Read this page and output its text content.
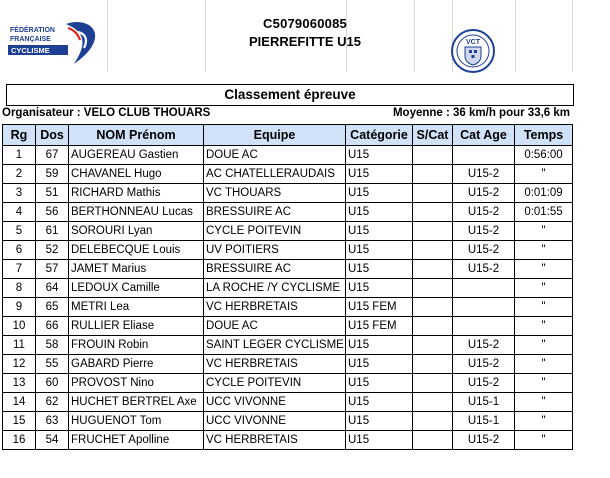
FÉDÉRATION
FRANÇAISE
CYCLISME
C5079060085
PIERREFITTE U15	VCT
Classement épreuve
Organisateur : VELO CLUB THOUARS	Moyenne : 36 km/h pour 33,6 km
Rg	Dos	NOM Prénom	Equipe	Catégorie	S/Cat	Cat Age	Temps
1	67	AUGEREAU Gastien	DOUE AC	U15			0:56:00
2	59	CHAVANEL Hugo	AC CHATELLERAUDAIS	U15		U15-2	"
3	51	RICHARD Mathis	VC THOUARS	U15		U15-2	0:01:09
4	56	BERTHONNEAU Lucas	BRESSUIRE AC	U15		U15-2	0:01:55
5	61	SOROURI Lyan	CYCLE POITEVIN	U15		U15-2	"
6	52	DELEBECQUE Louis	UV POITIERS	U15		U15-2	"
7	57	JAMET Marius	BRESSUIRE AC	U15		U15-2	"
8	64	LEDOUX Camille	LA ROCHE /Y CYCLISME	U15			"
9	65	METRI Lea	VC HERBRETAIS	U15 FEM			"
10	66	RULLIER Eliase	DOUE AC	U15 FEM			"
11	58	FROUIN Robin	SAINT LEGER CYCLISME	U15		U15-2	"
12	55	GABARD Pierre	VC HERBRETAIS	U15		U15-2	"
13	60	PROVOST Nino	CYCLE POITEVIN	U15		U15-2	"
14	62	HUCHET BERTREL Axe	UCC VIVONNE	U15		U15-1	"
15	63	HUGUENOT Tom	UCC VIVONNE	U15		U15-1	"
16	54	FRUCHET Apolline	VC HERBRETAIS	U15		U15-2	"
